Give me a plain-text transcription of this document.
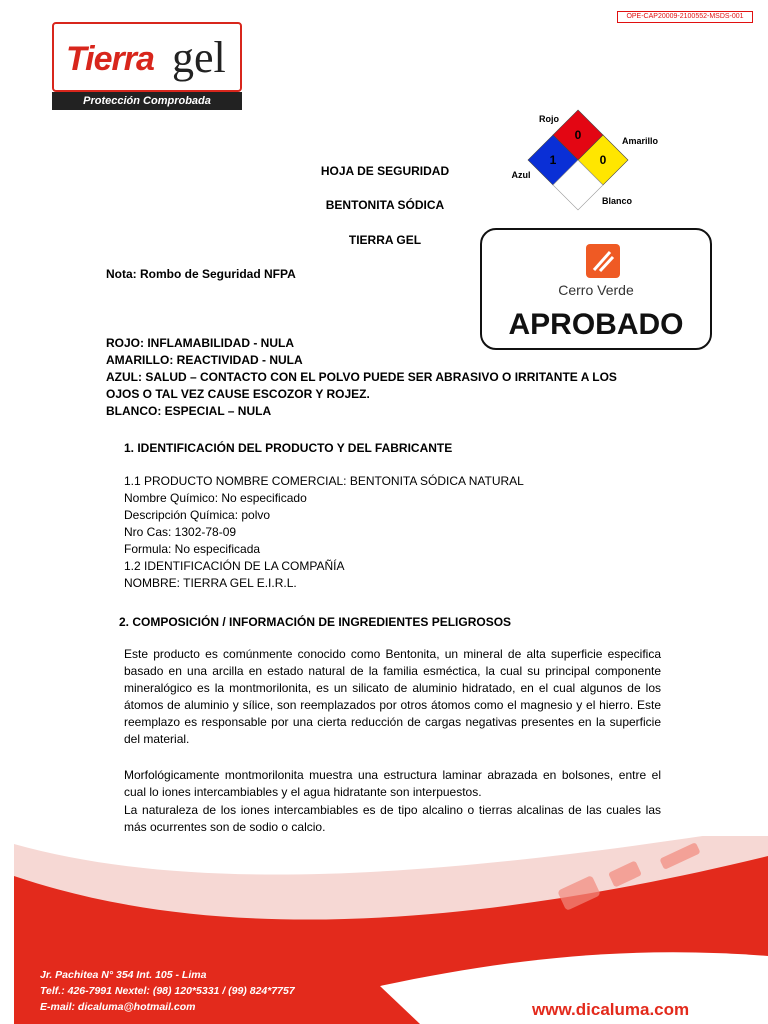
OPE-CAP20009-2100552-MSDS-001
Tierra gel
Protección Comprobada
0
1	0
Rojo
Amarillo
Azul
Blanco
HOJA DE SEGURIDAD
BENTONITA SÓDICA
TIERRA GEL
Cerro Verde
APROBADO
Nota: Rombo de Seguridad NFPA
ROJO: INFLAMABILIDAD - NULA
AMARILLO: REACTIVIDAD - NULA
AZUL: SALUD – CONTACTO CON EL POLVO PUEDE SER ABRASIVO O IRRITANTE A LOS OJOS O TAL VEZ CAUSE ESCOZOR Y ROJEZ.
BLANCO: ESPECIAL – NULA
1. IDENTIFICACIÓN DEL PRODUCTO Y DEL FABRICANTE
1.1 PRODUCTO NOMBRE COMERCIAL: BENTONITA SÓDICA NATURAL
Nombre Químico: No especificado
Descripción Química: polvo
Nro Cas: 1302-78-09
Formula: No especificada
1.2 IDENTIFICACIÓN DE LA COMPAÑÍA
NOMBRE: TIERRA GEL E.I.R.L.
2. COMPOSICIÓN / INFORMACIÓN DE INGREDIENTES PELIGROSOS
Este producto es comúnmente conocido como Bentonita, un mineral de alta superficie especifica basado en una arcilla en estado natural de la familia esméctica, la cual su principal componente mineralógico es la montmorilonita, es un silicato de aluminio hidratado, en el cual algunos de los átomos de aluminio y sílice, son reemplazados por otros átomos como el magnesio y el hierro. Este reemplazo es responsable por una cierta reducción de cargas negativas presentes en la superficie del material.
Morfológicamente montmorilonita muestra una estructura laminar abrazada en bolsones, entre el cual lo iones intercambiables y el agua hidratante son interpuestos.
La naturaleza de los iones intercambiables es de tipo alcalino o tierras alcalinas de las cuales las más ocurrentes son de sodio o calcio.
Jr. Pachitea N° 354 Int. 105 - Lima
Telf.: 426-7991 Nextel: (98) 120*5331 / (99) 824*7757
E-mail: dicaluma@hotmail.com	www.dicaluma.com
